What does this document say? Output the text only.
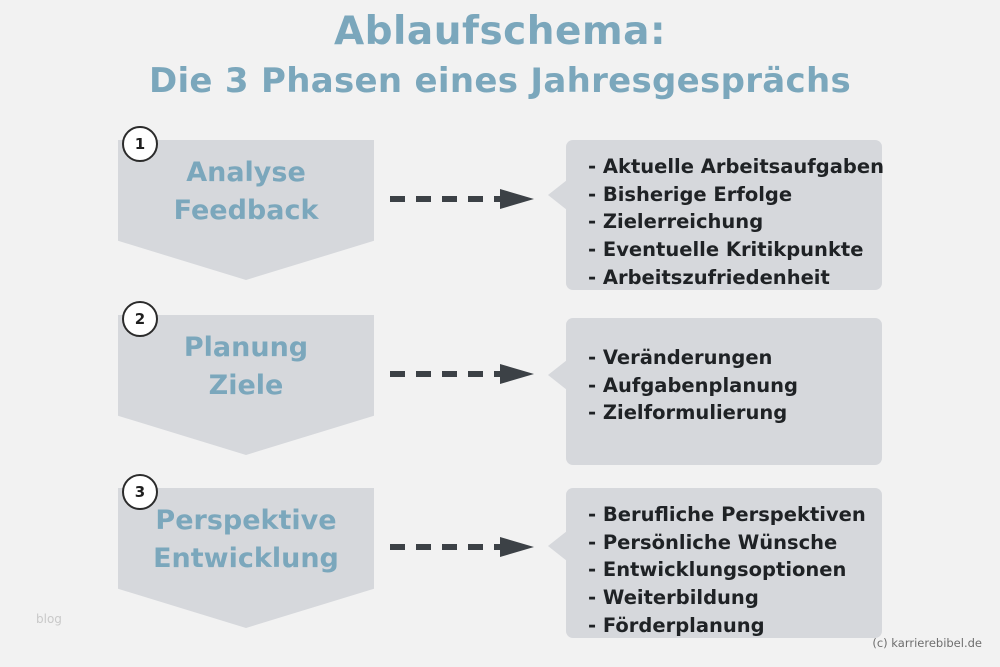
Ablaufschema:
Die 3 Phasen eines Jahresgesprächs
Analyse
Feedback
1
- Aktuelle Arbeitsaufgaben
- Bisherige Erfolge
- Zielerreichung
- Eventuelle Kritikpunkte
- Arbeitszufriedenheit
Planung
Ziele
2
- Veränderungen
- Aufgabenplanung
- Zielformulierung
Perspektive
Entwicklung
3
- Berufliche Perspektiven
- Persönliche Wünsche
- Entwicklungsoptionen
- Weiterbildung
- Förderplanung
blog
(c) karrierebibel.de
